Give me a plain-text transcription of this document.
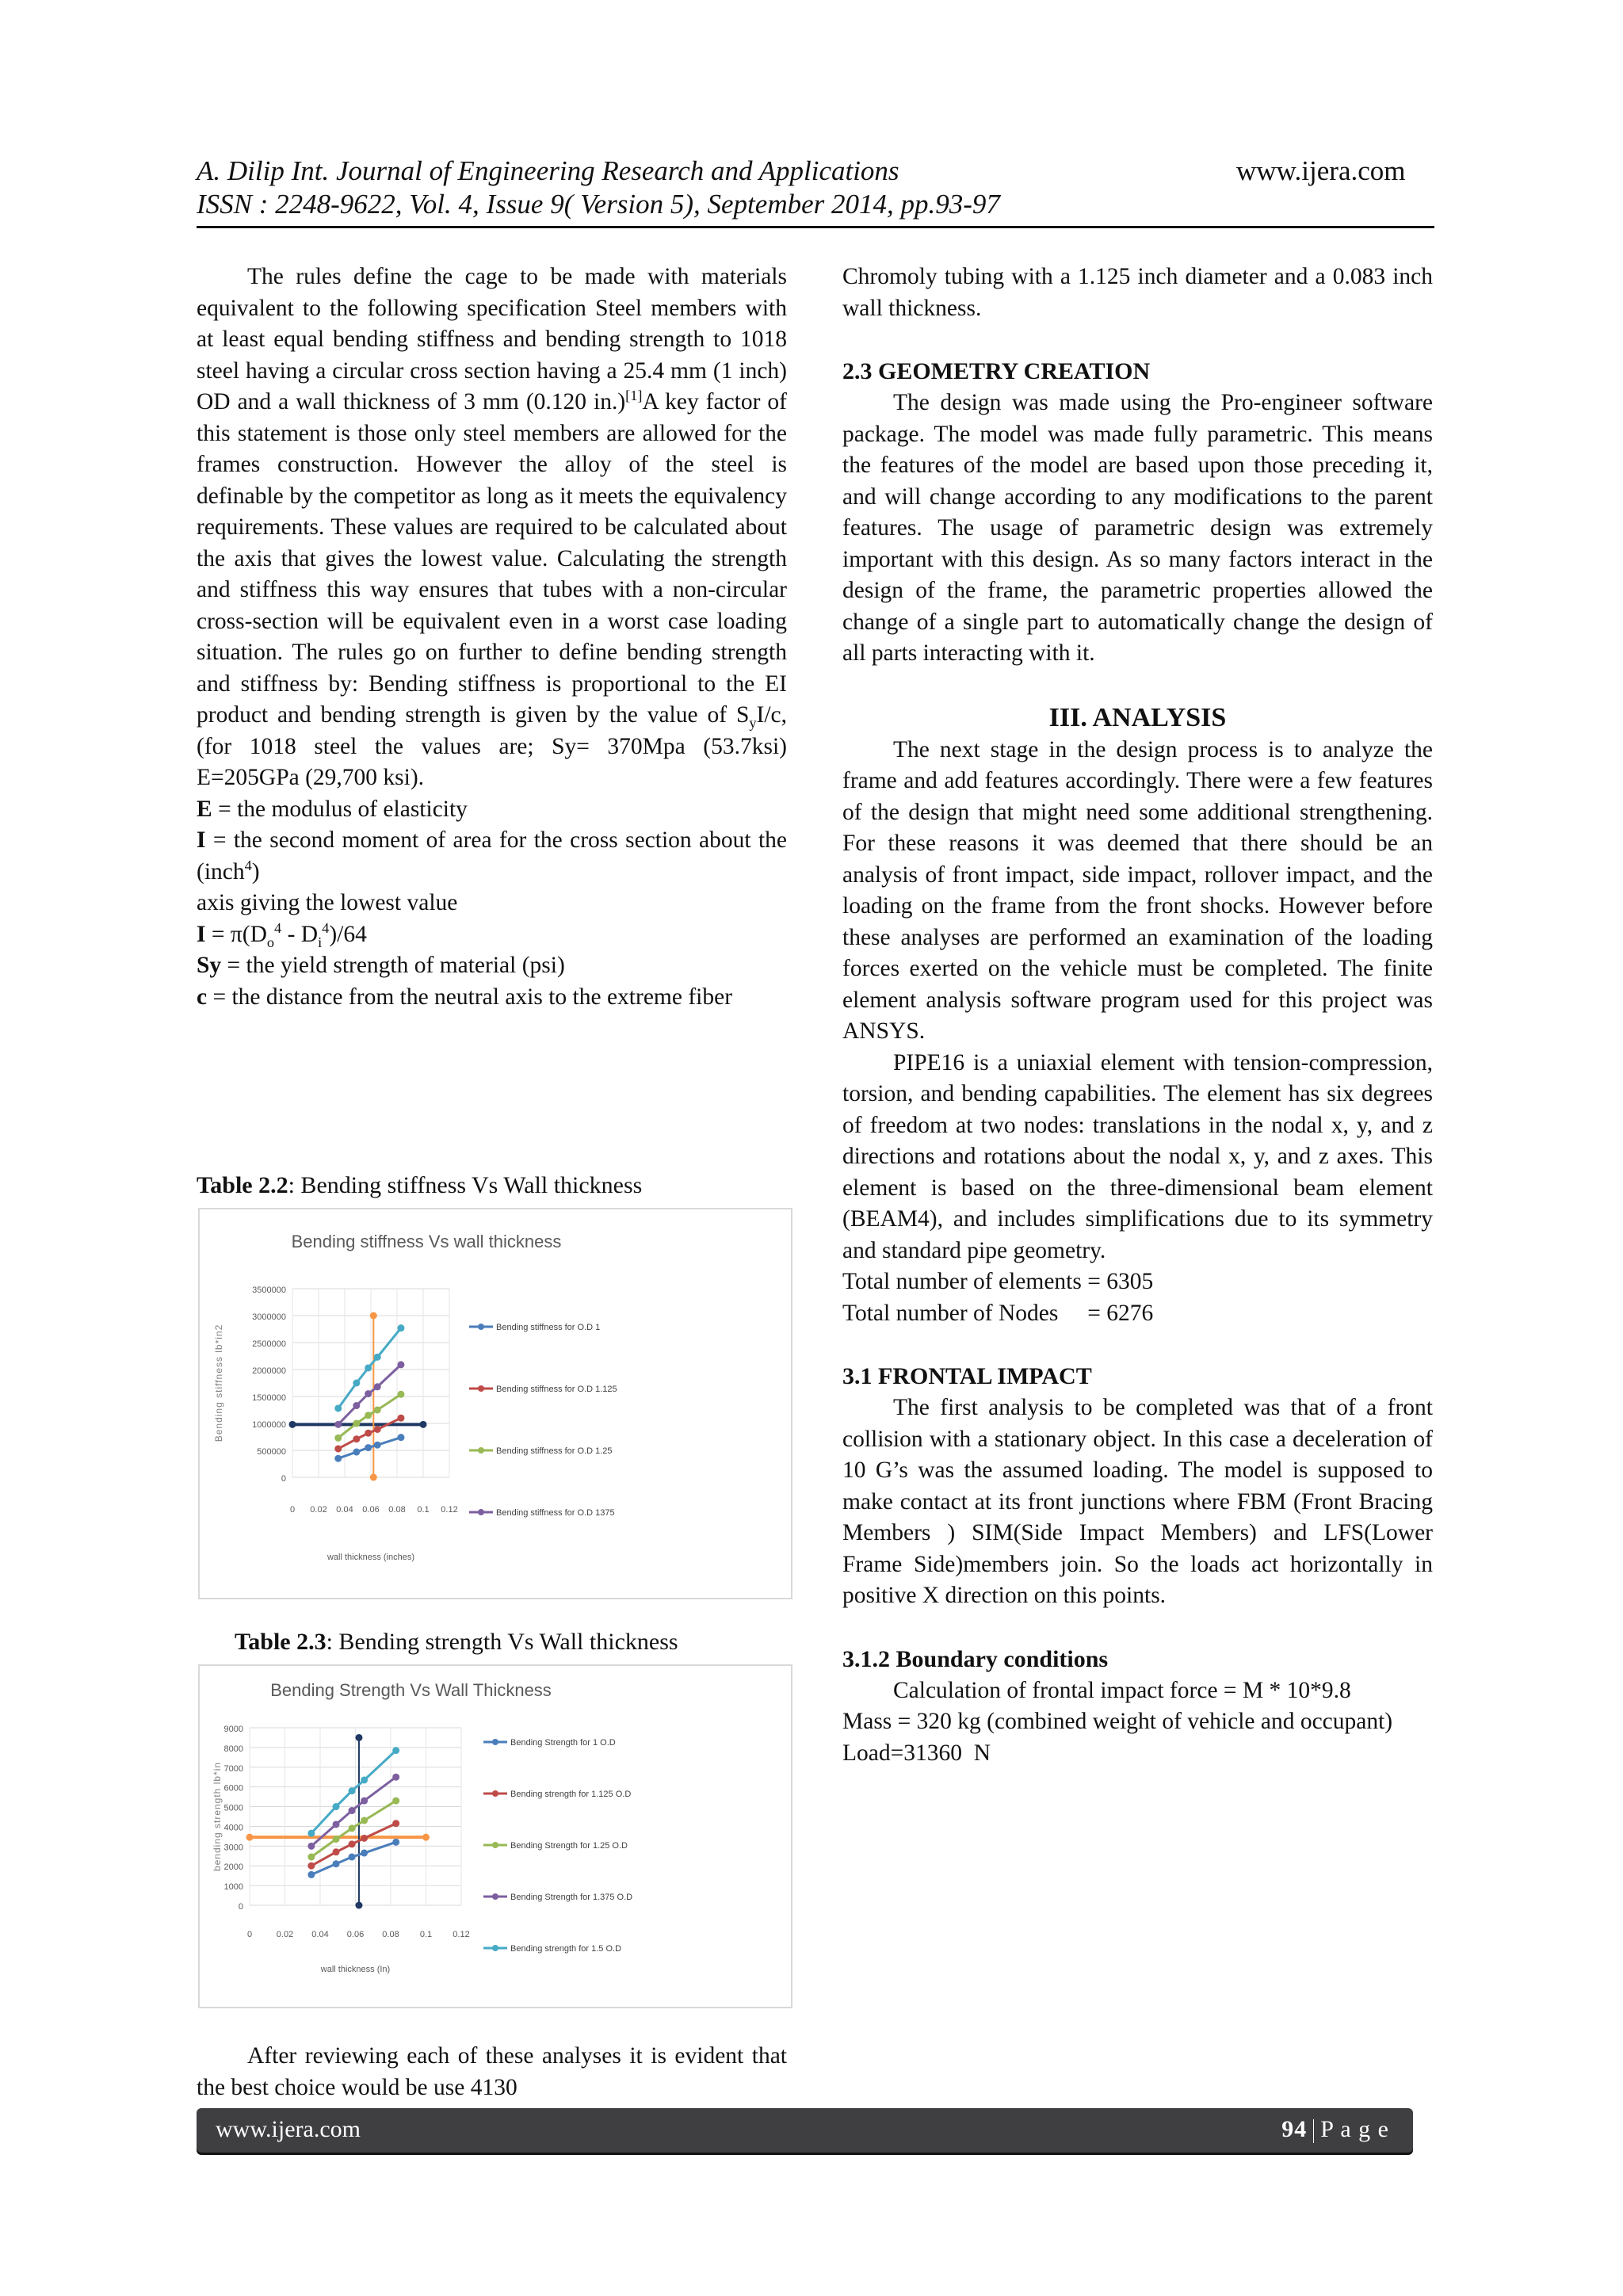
A. Dilip Int. Journal of Engineering Research and Applications	www.ijera.com
ISSN : 2248-9622, Vol. 4, Issue 9( Version 5), September 2014, pp.93-97

The rules define the cage to be made with materials equivalent to the following specification Steel members with at least equal bending stiffness and bending strength to 1018 steel having a circular cross section having a 25.4 mm (1 inch) OD and a wall thickness of 3 mm (0.120 in.)[1]A key factor of this statement is those only steel members are allowed for the frames construction. However the alloy of the steel is definable by the competitor as long as it meets the equivalency requirements. These values are required to be calculated about the axis that gives the lowest value. Calculating the strength and stiffness this way ensures that tubes with a non-circular cross-section will be equivalent even in a worst case loading situation. The rules go on further to define bending strength and stiffness by: Bending stiffness is proportional to the EI product and bending strength is given by the value of $S_yI/c$, (for 1018 steel the values are; Sy= 370Mpa (53.7ksi) E=205GPa (29,700 ksi).

E = the modulus of elasticity

I = the second moment of area for the cross section about the (inch$^4$)

axis giving the lowest value

$I = \pi(D_o^4 - D_i^4)/64$

Sy = the yield strength of material (psi)

c = the distance from the neutral axis to the extreme fiber

Table 2.2: Bending stiffness Vs Wall thickness
Bending stiffness Vs wall thickness
0
500000
1000000
1500000
2000000
2500000
3000000
3500000
0 0.02 0.04 0.06 0.08 0.1 0.12
wall thickness (inches)
Bending stiffness lb*in2	Bending stiffness for O.D 1
Bending stiffness for O.D 1.125
Bending stiffness for O.D 1.25
Bending stiffness for O.D 1375
Table 2.3: Bending strength Vs Wall thickness
Bending Strength Vs Wall Thickness
0
1000
2000
3000
4000
5000
6000
7000
8000
9000
0	0.02 0.04 0.06 0.08 0.1 0.12
wall thickness (In)
bending strength lb*in
Bending Strength for 1 O.D
Bending strength for 1.125 O.D
Bending Strength for 1.25 O.D
Bending Strength for 1.375 O.D
Bending strength for 1.5 O.D

After reviewing each of these analyses it is evident that the best choice would be use 4130

Chromoly tubing with a 1.125 inch diameter and a 0.083 inch wall thickness.

2.3 GEOMETRY CREATION

The design was made using the Pro-engineer software package. The model was made fully parametric. This means the features of the model are based upon those preceding it, and will change according to any modifications to the parent features. The usage of parametric design was extremely important with this design. As so many factors interact in the design of the frame, the parametric properties allowed the change of a single part to automatically change the design of all parts interacting with it.

III. ANALYSIS

The next stage in the design process is to analyze the frame and add features accordingly. There were a few features of the design that might need some additional strengthening. For these reasons it was deemed that there should be an analysis of front impact, side impact, rollover impact, and the loading on the frame from the front shocks. However before these analyses are performed an examination of the loading forces exerted on the vehicle must be completed. The finite element analysis software program used for this project was ANSYS.

PIPE16 is a uniaxial element with tension-compression, torsion, and bending capabilities. The element has six degrees of freedom at two nodes: translations in the nodal x, y, and z directions and rotations about the nodal x, y, and z axes. This element is based on the three-dimensional beam element (BEAM4), and includes simplifications due to its symmetry and standard pipe geometry.

Total number of elements = 6305

Total number of Nodes     = 6276

3.1 FRONTAL IMPACT

The first analysis to be completed was that of a front collision with a stationary object. In this case a deceleration of 10 G’s was the assumed loading. The model is supposed to make contact at its front junctions where FBM (Front Bracing Members ) SIM(Side Impact Members) and LFS(Lower Frame Side)members join. So the loads act horizontally in positive X direction on this points.

3.1.2 Boundary conditions

Calculation of frontal impact force = M * 10*9.8

Mass = 320 kg (combined weight of vehicle and occupant)

Load=31360  N

www.ijera.com	94 P a g e
